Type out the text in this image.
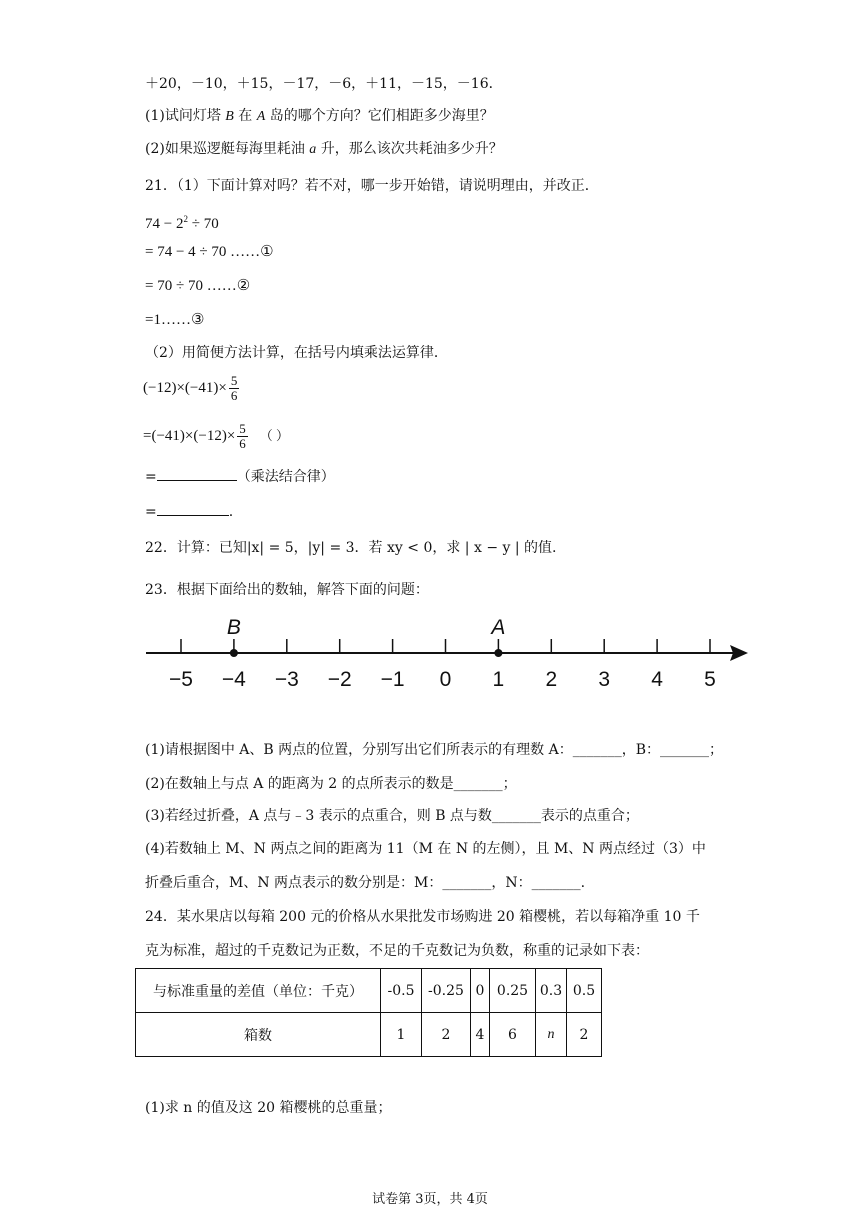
＋20，－10，＋15，－17，－6，＋11，－15，－16．
(1)试问灯塔 B 在 A 岛的哪个方向？它们相距多少海里？
(2)如果巡逻艇每海里耗油 a 升，那么该次共耗油多少升？
21．（1）下面计算对吗？若不对，哪一步开始错，请说明理由，并改正．
$74 - 2^2 \div 70$
= 74 − 4 ÷ 70 ……①
= 70 ÷ 70 ……②
=1……③
（2）用简便方法计算，在括号内填乘法运算律．
$(-12)\times(-41)\times \frac{5}{6}$
$=(-41)\times(-12)\times \frac{5}{6}$ （ ）
=	（乘法结合律）
=	.
22．计算：已知|x| = 5，|y| = 3．若 xy < 0，求 | x − y | 的值.
23．根据下面给出的数轴，解答下面的问题：
−5 −4 −3 −2 −1 0 1 2 3 4 5
B	A
(1)请根据图中 A、B 两点的位置，分别写出它们所表示的有理数 A：_______，B：_______；
(2)在数轴上与点 A 的距离为 2 的点所表示的数是_______；
(3)若经过折叠，A 点与﹣3 表示的点重合，则 B 点与数_______表示的点重合；
(4)若数轴上 M、N 两点之间的距离为 11（M 在 N 的左侧），且 M、N 两点经过（3）中
折叠后重合，M、N 两点表示的数分别是：M：_______，N：_______.
24．某水果店以每箱 200 元的价格从水果批发市场购进 20 箱樱桃，若以每箱净重 10 千
克为标准，超过的千克数记为正数，不足的千克数记为负数，称重的记录如下表：
与标准重量的差值（单位：千克）	-0.5	-0.25	0	0.25	0.3	0.5
箱数	1	2	4	6	n	2
(1)求 n 的值及这 20 箱樱桃的总重量；
试卷第 3页，共 4页
